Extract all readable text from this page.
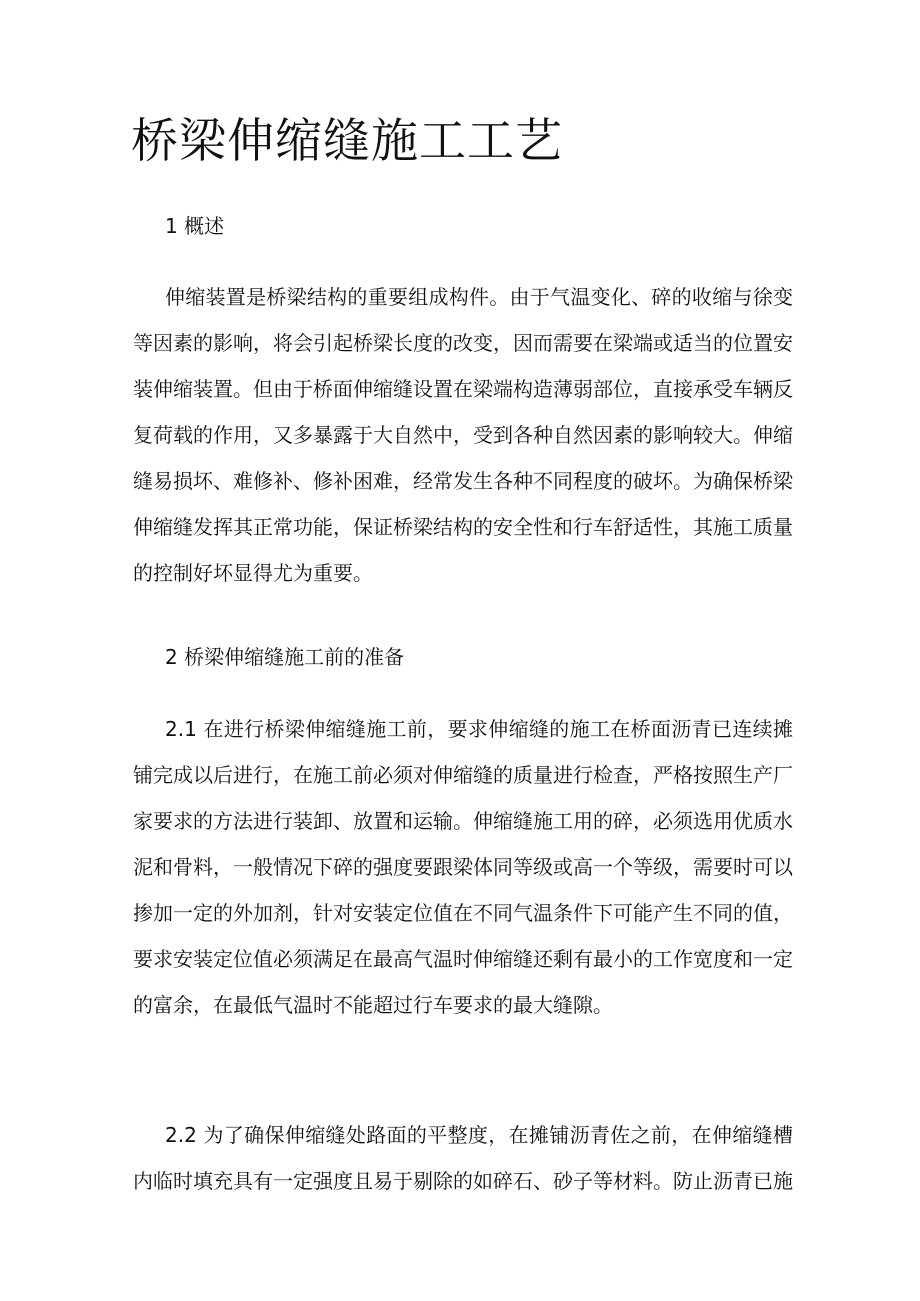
桥梁伸缩缝施工工艺
1 概述

伸缩装置是桥梁结构的重要组成构件。由于气温变化、碎的收缩与徐变等因素的影响，将会引起桥梁长度的改变，因而需要在梁端或适当的位置安装伸缩装置。但由于桥面伸缩缝设置在梁端构造薄弱部位，直接承受车辆反复荷载的作用，又多暴露于大自然中，受到各种自然因素的影响较大。伸缩缝易损坏、难修补、修补困难，经常发生各种不同程度的破坏。为确保桥梁伸缩缝发挥其正常功能，保证桥梁结构的安全性和行车舒适性，其施工质量的控制好坏显得尤为重要。

2 桥梁伸缩缝施工前的准备

2.1 在进行桥梁伸缩缝施工前，要求伸缩缝的施工在桥面沥青已连续摊铺完成以后进行，在施工前必须对伸缩缝的质量进行检查，严格按照生产厂家要求的方法进行装卸、放置和运输。伸缩缝施工用的碎，必须选用优质水泥和骨料，一般情况下碎的强度要跟梁体同等级或高一个等级，需要时可以掺加一定的外加剂，针对安装定位值在不同气温条件下可能产生不同的值，要求安装定位值必须满足在最高气温时伸缩缝还剩有最小的工作宽度和一定的富余，在最低气温时不能超过行车要求的最大缝隙。

2.2 为了确保伸缩缝处路面的平整度，在摊铺沥青佐之前，在伸缩缝槽内临时填充具有一定强度且易于剔除的如碎石、砂子等材料。防止沥青已施
